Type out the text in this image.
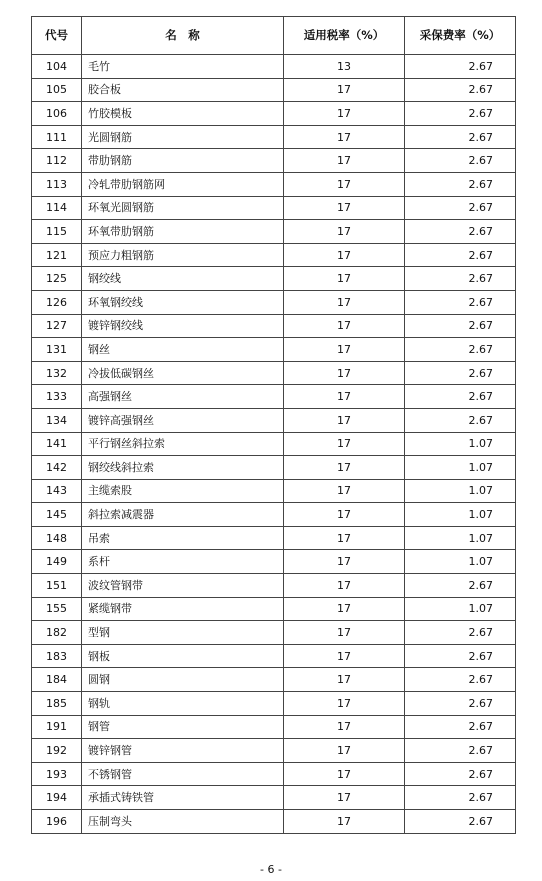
代号	名　称	适用税率（%）	采保费率（%）
104	毛竹	13	2.67
105	胶合板	17	2.67
106	竹胶模板	17	2.67
111	光圆钢筋	17	2.67
112	带肋钢筋	17	2.67
113	冷轧带肋钢筋网	17	2.67
114	环氧光圆钢筋	17	2.67
115	环氧带肋钢筋	17	2.67
121	预应力粗钢筋	17	2.67
125	钢绞线	17	2.67
126	环氧钢绞线	17	2.67
127	镀锌钢绞线	17	2.67
131	钢丝	17	2.67
132	冷拔低碳钢丝	17	2.67
133	高强钢丝	17	2.67
134	镀锌高强钢丝	17	2.67
141	平行钢丝斜拉索	17	1.07
142	钢绞线斜拉索	17	1.07
143	主缆索股	17	1.07
145	斜拉索减震器	17	1.07
148	吊索	17	1.07
149	系杆	17	1.07
151	波纹管钢带	17	2.67
155	紧缆钢带	17	1.07
182	型钢	17	2.67
183	钢板	17	2.67
184	圆钢	17	2.67
185	钢轨	17	2.67
191	钢管	17	2.67
192	镀锌钢管	17	2.67
193	不锈钢管	17	2.67
194	承插式铸铁管	17	2.67
196	压制弯头	17	2.67
- 6 -
